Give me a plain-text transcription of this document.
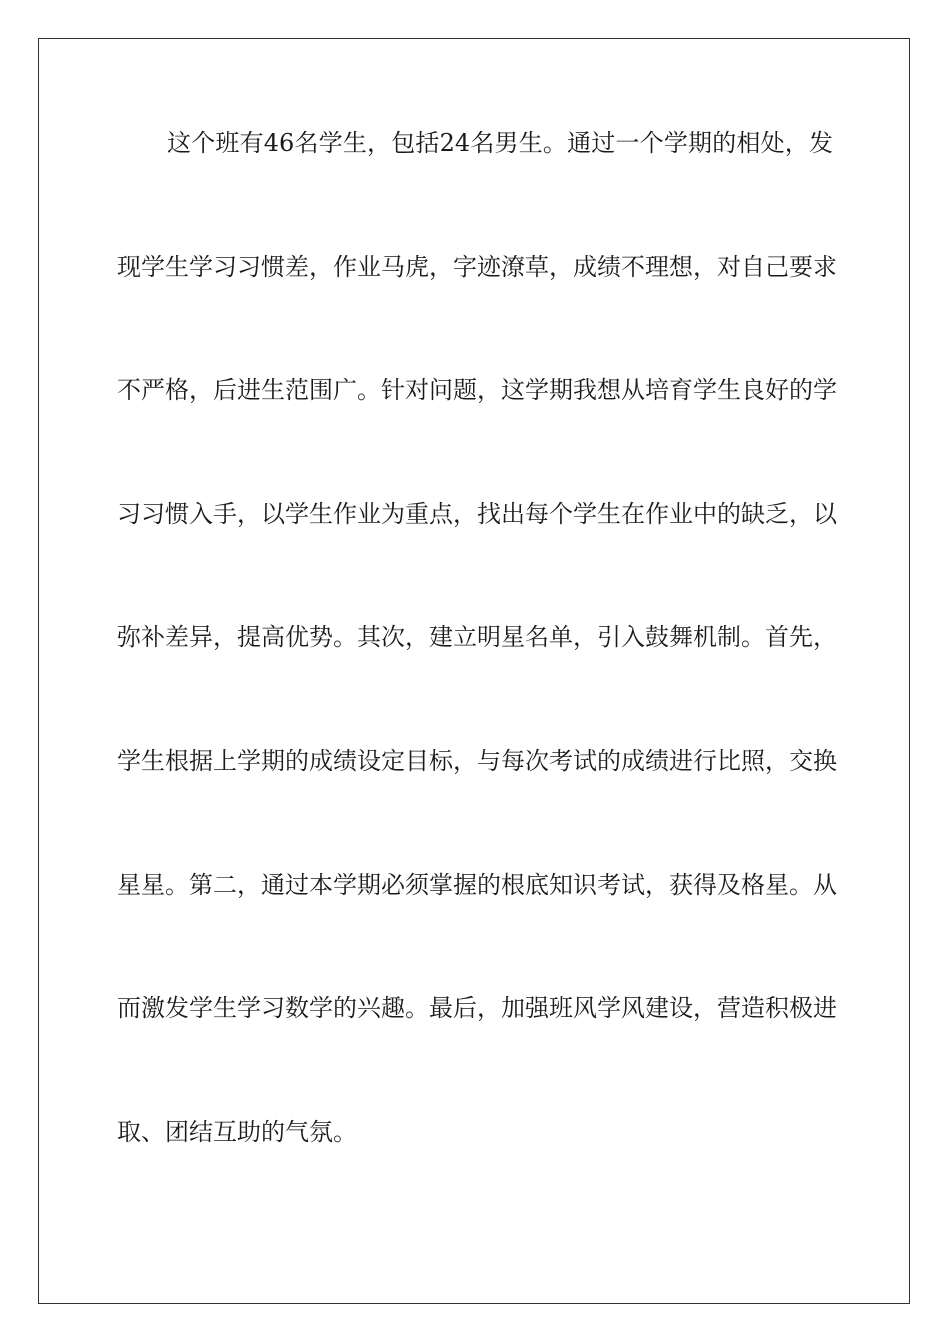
这个班有46名学生，包括24名男生。通过一个学期的相处，发
现学生学习习惯差，作业马虎，字迹潦草，成绩不理想，对自己要求
不严格，后进生范围广。针对问题，这学期我想从培育学生良好的学
习习惯入手，以学生作业为重点，找出每个学生在作业中的缺乏，以
弥补差异，提高优势。其次，建立明星名单，引入鼓舞机制。首先，
学生根据上学期的成绩设定目标，与每次考试的成绩进行比照，交换
星星。第二，通过本学期必须掌握的根底知识考试，获得及格星。从
而激发学生学习数学的兴趣。最后，加强班风学风建设，营造积极进
取、团结互助的气氛。
